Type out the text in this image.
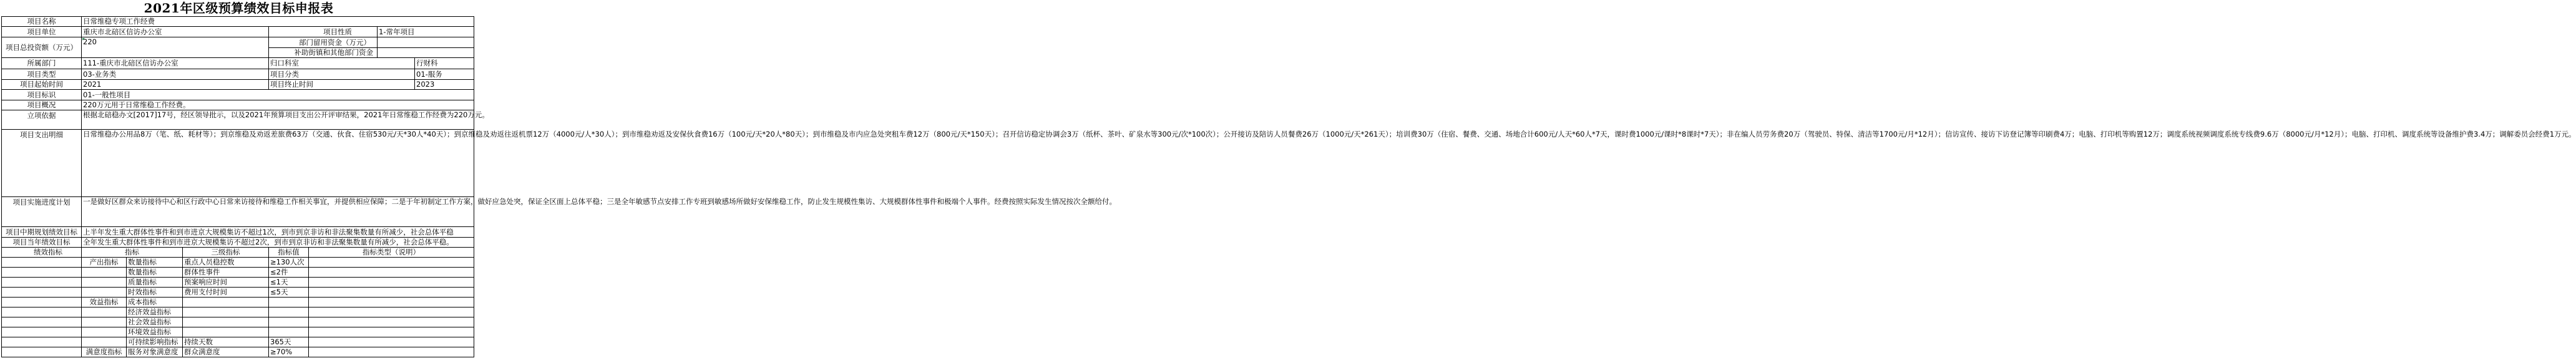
2021年区级预算绩效目标申报表
项目名称	日常维稳专项工作经费						
项目单位	重庆市北碚区信访办公室			项目性质		1-常年项目	
项目总投资额（万元）	220			部门留用资金（万元）			
				补助街镇和其他部门资金			
所属部门	111-重庆市北碚区信访办公室			归口科室			行财科
项目类型	03-业务类			项目分类			01-服务
项目起始时间	2021			项目终止时间			2023
项目标识	01-一般性项目						
项目概况	220万元用于日常维稳工作经费。						
立项依据	根据北碚稳办文[2017]17号，经区领导批示，以及2021年预算项目支出公开评审结果，2021年日常维稳工作经费为220万元。						
项目支出明细	日常维稳办公用品8万（笔、纸、耗材等）；到京维稳及劝返差旅费63万（交通、伙食、住宿530元/天*30人*40天）；到京维稳及劝返往返机票12万（4000元/人*30人）；到市维稳劝返及安保伙食费16万（100元/天*20人*80天）；到市维稳及市内应急处突租车费12万（800元/天*150天）；召开信访稳定协调会3万（纸杯、茶叶、矿泉水等300元/次*100次）；公开接访及陪访人员餐费26万（1000元/天*261天）；培训费30万（住宿、餐费、交通、场地合计600元/人天*60人*7天，课时费1000元/课时*8课时*7天）；非在编人员劳务费20万（驾驶员、特保、清洁等1700元/月*12月）；信访宣传、接访下访登记簿等印刷费4万；电脑、打印机等购置12万；调度系统视频调度系统专线费9.6万（8000元/月*12月）；电脑、打印机、调度系统等设备维护费3.4万；调解委员会经费1万元。						
项目实施进度计划	一是做好区群众来访接待中心和区行政中心日常来访接待和维稳工作相关事宜，并提供相应保障；二是于年初制定工作方案，做好应急处突，保证全区面上总体平稳；三是全年敏感节点安排工作专班到敏感场所做好安保维稳工作，防止发生规模性集访、大规模群体性事件和极端个人事件。经费按照实际发生情况按次全额给付。						
项目中期规划绩效目标	上半年发生重大群体性事件和到市进京大规模集访不超过1次，到市到京非访和非法聚集数量有所减少，社会总体平稳						
项目当年绩效目标	全年发生重大群体性事件和到市进京大规模集访不超过2次，到市到京非访和非法聚集数量有所减少，社会总体平稳。						
绩效指标	指标		三级指标	指标值	指标类型（说明）		
	产出指标	数量指标	重点人员稳控数	≥130人次			
		数量指标	群体性事件	≤2件			
		质量指标	预案响应时间	≤1天			
		时效指标	费用支付时间	≤5天			
	效益指标	成本指标					
		经济效益指标					
		社会效益指标					
		环境效益指标					
		可持续影响指标	持续天数	365天			
	满意度指标	服务对象满意度	群众满意度	≥70%			
